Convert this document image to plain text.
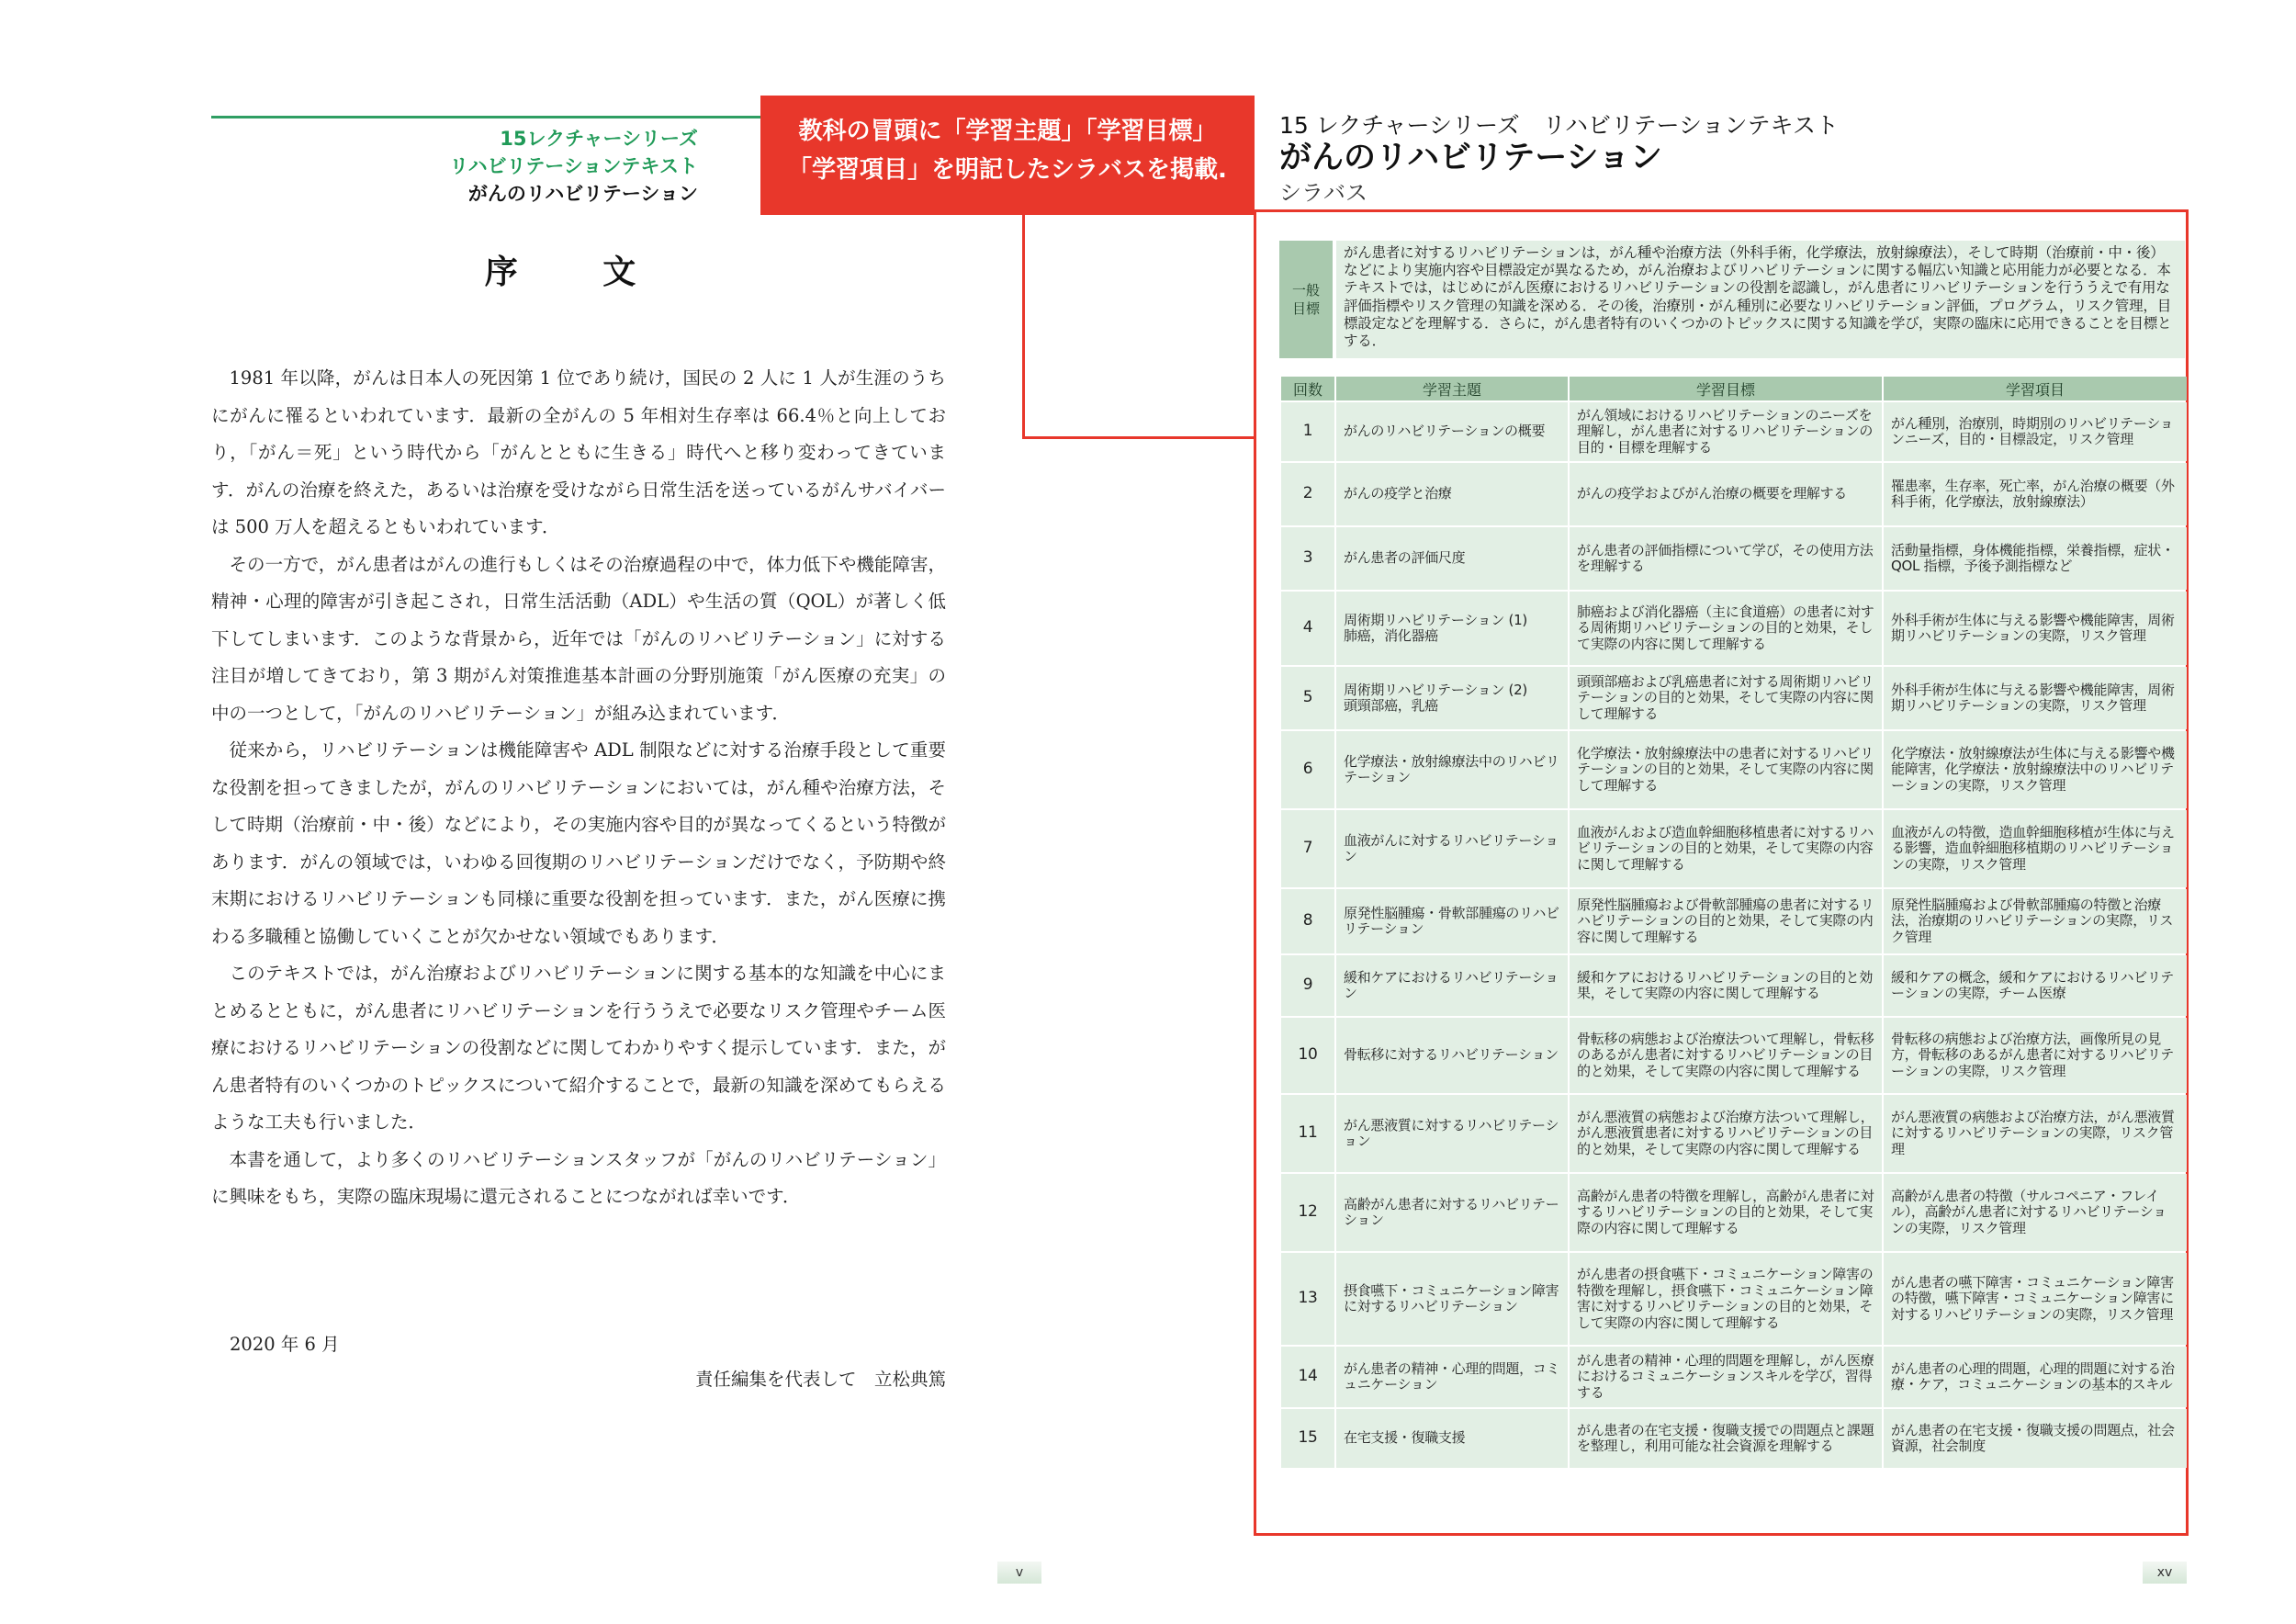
15レクチャーシリーズ
リハビリテーションテキスト
がんのリハビリテーション
序 文

1981 年以降，がんは日本人の死因第 1 位であり続け，国民の 2 人に 1 人が生涯のうちにがんに罹るといわれています．最新の全がんの 5 年相対生存率は 66.4％と向上しており，「がん＝死」という時代から「がんとともに生きる」時代へと移り変わってきています．がんの治療を終えた，あるいは治療を受けながら日常生活を送っているがんサバイバーは 500 万人を超えるともいわれています．

その一方で，がん患者はがんの進行もしくはその治療過程の中で，体力低下や機能障害，精神・心理的障害が引き起こされ，日常生活活動（ADL）や生活の質（QOL）が著しく低下してしまいます．このような背景から，近年では「がんのリハビリテーション」に対する注目が増してきており，第 3 期がん対策推進基本計画の分野別施策「がん医療の充実」の中の一つとして，「がんのリハビリテーション」が組み込まれています．

従来から，リハビリテーションは機能障害や ADL 制限などに対する治療手段として重要な役割を担ってきましたが，がんのリハビリテーションにおいては，がん種や治療方法，そして時期（治療前・中・後）などにより，その実施内容や目的が異なってくるという特徴があります．がんの領域では，いわゆる回復期のリハビリテーションだけでなく，予防期や終末期におけるリハビリテーションも同様に重要な役割を担っています．また，がん医療に携わる多職種と協働していくことが欠かせない領域でもあります．

このテキストでは，がん治療およびリハビリテーションに関する基本的な知識を中心にまとめるとともに，がん患者にリハビリテーションを行ううえで必要なリスク管理やチーム医療におけるリハビリテーションの役割などに関してわかりやすく提示しています．また，がん患者特有のいくつかのトピックスについて紹介することで，最新の知識を深めてもらえるような工夫も行いました．

本書を通して，より多くのリハビリテーションスタッフが「がんのリハビリテーション」に興味をもち，実際の臨床現場に還元されることにつながれば幸いです．

2020 年 6 月
責任編集を代表して　立松典篤
教科の冒頭に「学習主題」「学習目標」
「学習項目」を明記したシラバスを掲載.
15 レクチャーシリーズ　リハビリテーションテキスト
がんのリハビリテーション
シラバス
一般
目標
がん患者に対するリハビリテーションは，がん種や治療方法（外科手術，化学療法，放射線療法），そして時期（治療前・中・後）などにより実施内容や目標設定が異なるため，がん治療およびリハビリテーションに関する幅広い知識と応用能力が必要となる．本テキストでは，はじめにがん医療におけるリハビリテーションの役割を認識し，がん患者にリハビリテーションを行ううえで有用な評価指標やリスク管理の知識を深める．その後，治療別・がん種別に必要なリハビリテーション評価，プログラム，リスク管理，目標設定などを理解する．さらに，がん患者特有のいくつかのトピックスに関する知識を学び，実際の臨床に応用できることを目標とする．
回数	学習主題	学習目標	学習項目
1	がんのリハビリテーションの概要	がん領域におけるリハビリテーションのニーズを理解し，がん患者に対するリハビリテーションの目的・目標を理解する	がん種別，治療別，時期別のリハビリテーションニーズ，目的・目標設定，リスク管理
2	がんの疫学と治療	がんの疫学およびがん治療の概要を理解する	罹患率，生存率，死亡率，がん治療の概要（外科手術，化学療法，放射線療法）
3	がん患者の評価尺度	がん患者の評価指標について学び，その使用方法を理解する	活動量指標，身体機能指標，栄養指標，症状・QOL 指標，予後予測指標など
4	周術期リハビリテーション (1)
肺癌，消化器癌	肺癌および消化器癌（主に食道癌）の患者に対する周術期リハビリテーションの目的と効果，そして実際の内容に関して理解する	外科手術が生体に与える影響や機能障害，周術期リハビリテーションの実際，リスク管理
5	周術期リハビリテーション (2)
頭頸部癌，乳癌	頭頸部癌および乳癌患者に対する周術期リハビリテーションの目的と効果，そして実際の内容に関して理解する	外科手術が生体に与える影響や機能障害，周術期リハビリテーションの実際，リスク管理
6	化学療法・放射線療法中のリハビリテーション	化学療法・放射線療法中の患者に対するリハビリテーションの目的と効果，そして実際の内容に関して理解する	化学療法・放射線療法が生体に与える影響や機能障害，化学療法・放射線療法中のリハビリテーションの実際，リスク管理
7	血液がんに対するリハビリテーション	血液がんおよび造血幹細胞移植患者に対するリハビリテーションの目的と効果，そして実際の内容に関して理解する	血液がんの特徴，造血幹細胞移植が生体に与える影響，造血幹細胞移植期のリハビリテーションの実際，リスク管理
8	原発性脳腫瘍・骨軟部腫瘍のリハビリテーション	原発性脳腫瘍および骨軟部腫瘍の患者に対するリハビリテーションの目的と効果，そして実際の内容に関して理解する	原発性脳腫瘍および骨軟部腫瘍の特徴と治療法，治療期のリハビリテーションの実際，リスク管理
9	緩和ケアにおけるリハビリテーション	緩和ケアにおけるリハビリテーションの目的と効果，そして実際の内容に関して理解する	緩和ケアの概念，緩和ケアにおけるリハビリテーションの実際，チーム医療
10	骨転移に対するリハビリテーション	骨転移の病態および治療法ついて理解し，骨転移のあるがん患者に対するリハビリテーションの目的と効果，そして実際の内容に関して理解する	骨転移の病態および治療方法，画像所見の見方，骨転移のあるがん患者に対するリハビリテーションの実際，リスク管理
11	がん悪液質に対するリハビリテーション	がん悪液質の病態および治療方法ついて理解し，がん悪液質患者に対するリハビリテーションの目的と効果，そして実際の内容に関して理解する	がん悪液質の病態および治療方法，がん悪液質に対するリハビリテーションの実際，リスク管理
12	高齢がん患者に対するリハビリテーション	高齢がん患者の特徴を理解し，高齢がん患者に対するリハビリテーションの目的と効果，そして実際の内容に関して理解する	高齢がん患者の特徴（サルコペニア・フレイル），高齢がん患者に対するリハビリテーションの実際，リスク管理
13	摂食嚥下・コミュニケーション障害に対するリハビリテーション	がん患者の摂食嚥下・コミュニケーション障害の特徴を理解し，摂食嚥下・コミュニケーション障害に対するリハビリテーションの目的と効果，そして実際の内容に関して理解する	がん患者の嚥下障害・コミュニケーション障害の特徴，嚥下障害・コミュニケーション障害に対するリハビリテーションの実際，リスク管理
14	がん患者の精神・心理的問題，コミュニケーション	がん患者の精神・心理的問題を理解し，がん医療におけるコミュニケーションスキルを学び，習得する	がん患者の心理的問題，心理的問題に対する治療・ケア，コミュニケーションの基本的スキル
15	在宅支援・復職支援	がん患者の在宅支援・復職支援での問題点と課題を整理し，利用可能な社会資源を理解する	がん患者の在宅支援・復職支援の問題点，社会資源，社会制度
v	xv
